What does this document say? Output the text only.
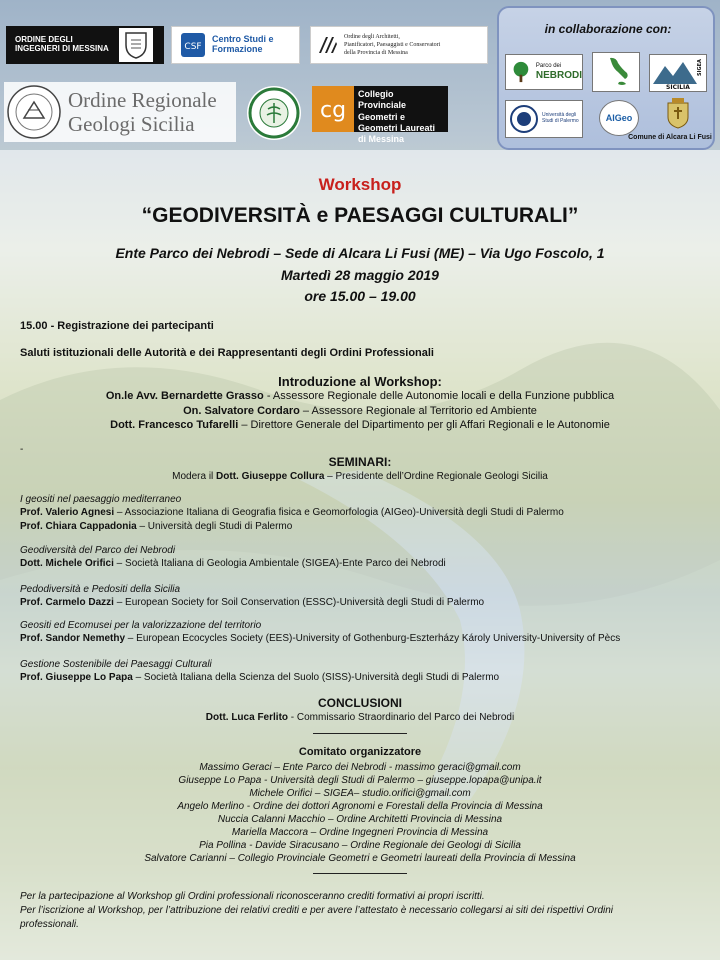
ORDINE DEGLI INGEGNERI DI MESSINA	CSF
Centro Studi e Formazione
Ordine degli Architetti,
Pianificatori, Paesaggisti e Conservatori
della Provincia di Messina
Ordine Regionale
Geologi Sicilia
cg
Collegio Provinciale Geometri e Geometri Laureati di Messina
in collaborazione con:
Parco dei
NEBRODI
SICILIA
SIGEA
Università degli Studi di Palermo	AIGeo
Comune di Alcara Li Fusi
Workshop
“GEODIVERSITÀ e PAESAGGI CULTURALI”
Ente Parco dei Nebrodi – Sede di Alcara Li Fusi (ME) – Via Ugo Foscolo, 1
Martedì 28 maggio 2019
ore 15.00 – 19.00
15.00 - Registrazione dei partecipanti
Saluti istituzionali delle Autorità e dei Rappresentanti degli Ordini Professionali
Introduzione al Workshop:
On.le Avv. Bernardette Grasso - Assessore Regionale delle Autonomie locali e della Funzione pubblica
On. Salvatore Cordaro – Assessore Regionale al Territorio ed Ambiente
Dott. Francesco Tufarelli – Direttore Generale del Dipartimento per gli Affari Regionali e le Autonomie
-
SEMINARI:
Modera il Dott. Giuseppe Collura – Presidente dell’Ordine Regionale Geologi Sicilia
I geositi nel paesaggio mediterraneo
Prof. Valerio Agnesi – Associazione Italiana di Geografia fisica e Geomorfologia (AIGeo)-Università degli Studi di Palermo
Prof. Chiara Cappadonia – Università degli Studi di Palermo
Geodiversità del Parco dei Nebrodi
Dott. Michele Orifici – Società Italiana di Geologia Ambientale (SIGEA)-Ente Parco dei Nebrodi
Pedodiversità e Pedositi della Sicilia
Prof. Carmelo Dazzi – European Society for Soil Conservation (ESSC)-Università degli Studi di Palermo
Geositi ed Ecomusei per la valorizzazione del territorio
Prof. Sandor Nemethy – European Ecocycles Society (EES)-University of Gothenburg-Eszterházy Károly University-University of Pècs
Gestione Sostenibile dei Paesaggi Culturali
Prof. Giuseppe Lo Papa – Società Italiana della Scienza del Suolo (SISS)-Università degli Studi di Palermo
CONCLUSIONI
Dott. Luca Ferlito - Commissario Straordinario del Parco dei Nebrodi
Comitato organizzatore
Massimo Geraci – Ente Parco dei Nebrodi - massimo geraci@gmail.com
Giuseppe Lo Papa - Università degli Studi di Palermo – giuseppe.lopapa@unipa.it
Michele Orifici – SIGEA– studio.orifici@gmail.com
Angelo Merlino - Ordine dei dottori Agronomi e Forestali della Provincia di Messina
Nuccia Calanni Macchio – Ordine Architetti Provincia di Messina
Mariella Maccora – Ordine Ingegneri Provincia di Messina
Pia Pollina - Davide Siracusano – Ordine Regionale dei Geologi di Sicilia
Salvatore Carianni – Collegio Provinciale Geometri e Geometri laureati della Provincia di Messina
Per la partecipazione al Workshop gli Ordini professionali riconosceranno crediti formativi ai propri iscritti.
Per l’iscrizione al Workshop, per l’attribuzione dei relativi crediti e per avere l’attestato è necessario collegarsi ai siti dei rispettivi Ordini
professionali.
